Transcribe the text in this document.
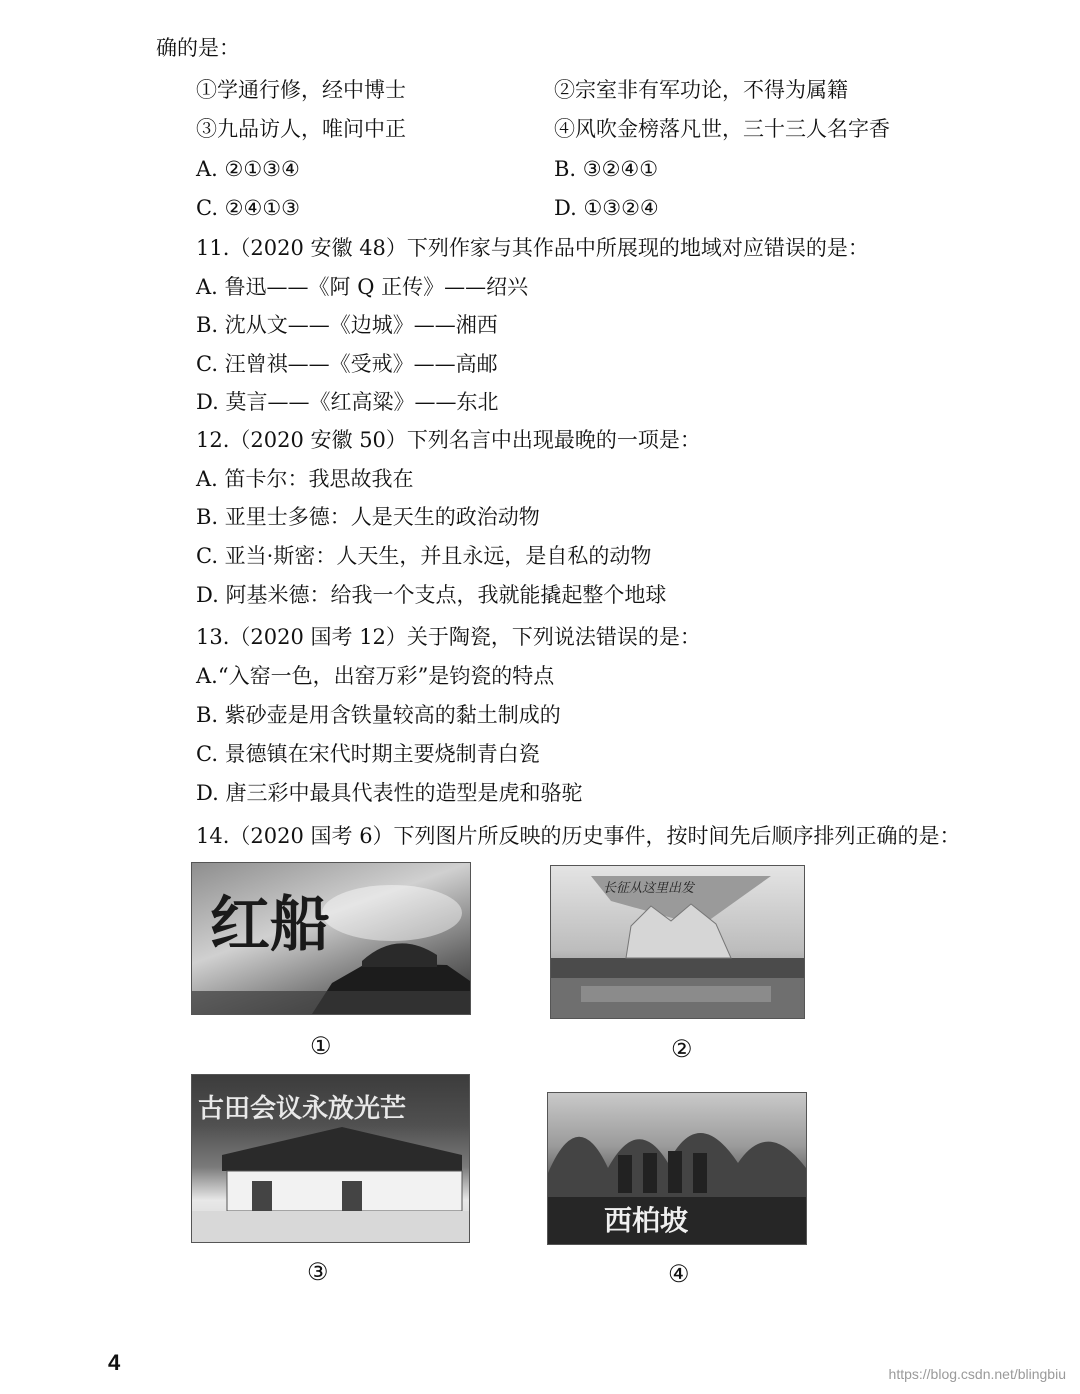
确的是：
①学通行修，经中博士	②宗室非有军功论，不得为属籍
③九品访人，唯问中正	④风吹金榜落凡世，三十三人名字香
A. ②①③④	B. ③②④①
C. ②④①③	D. ①③②④
11.（2020 安徽 48）下列作家与其作品中所展现的地域对应错误的是：
A. 鲁迅——《阿 Q 正传》——绍兴
B. 沈从文——《边城》——湘西
C. 汪曾祺——《受戒》——高邮
D. 莫言——《红高粱》——东北
12.（2020 安徽 50）下列名言中出现最晚的一项是：
A. 笛卡尔：我思故我在
B. 亚里士多德：人是天生的政治动物
C. 亚当·斯密：人天生，并且永远，是自私的动物
D. 阿基米德：给我一个支点，我就能撬起整个地球
13.（2020 国考 12）关于陶瓷，下列说法错误的是：
A.“入窑一色，出窑万彩”是钧瓷的特点
B. 紫砂壶是用含铁量较高的黏土制成的
C. 景德镇在宋代时期主要烧制青白瓷
D. 唐三彩中最具代表性的造型是虎和骆驼
14.（2020 国考 6）下列图片所反映的历史事件，按时间先后顺序排列正确的是：
红船
①
长征从这里出发
②
古田会议永放光芒
③
西柏坡
④
4	https://blog.csdn.net/blingbiu
